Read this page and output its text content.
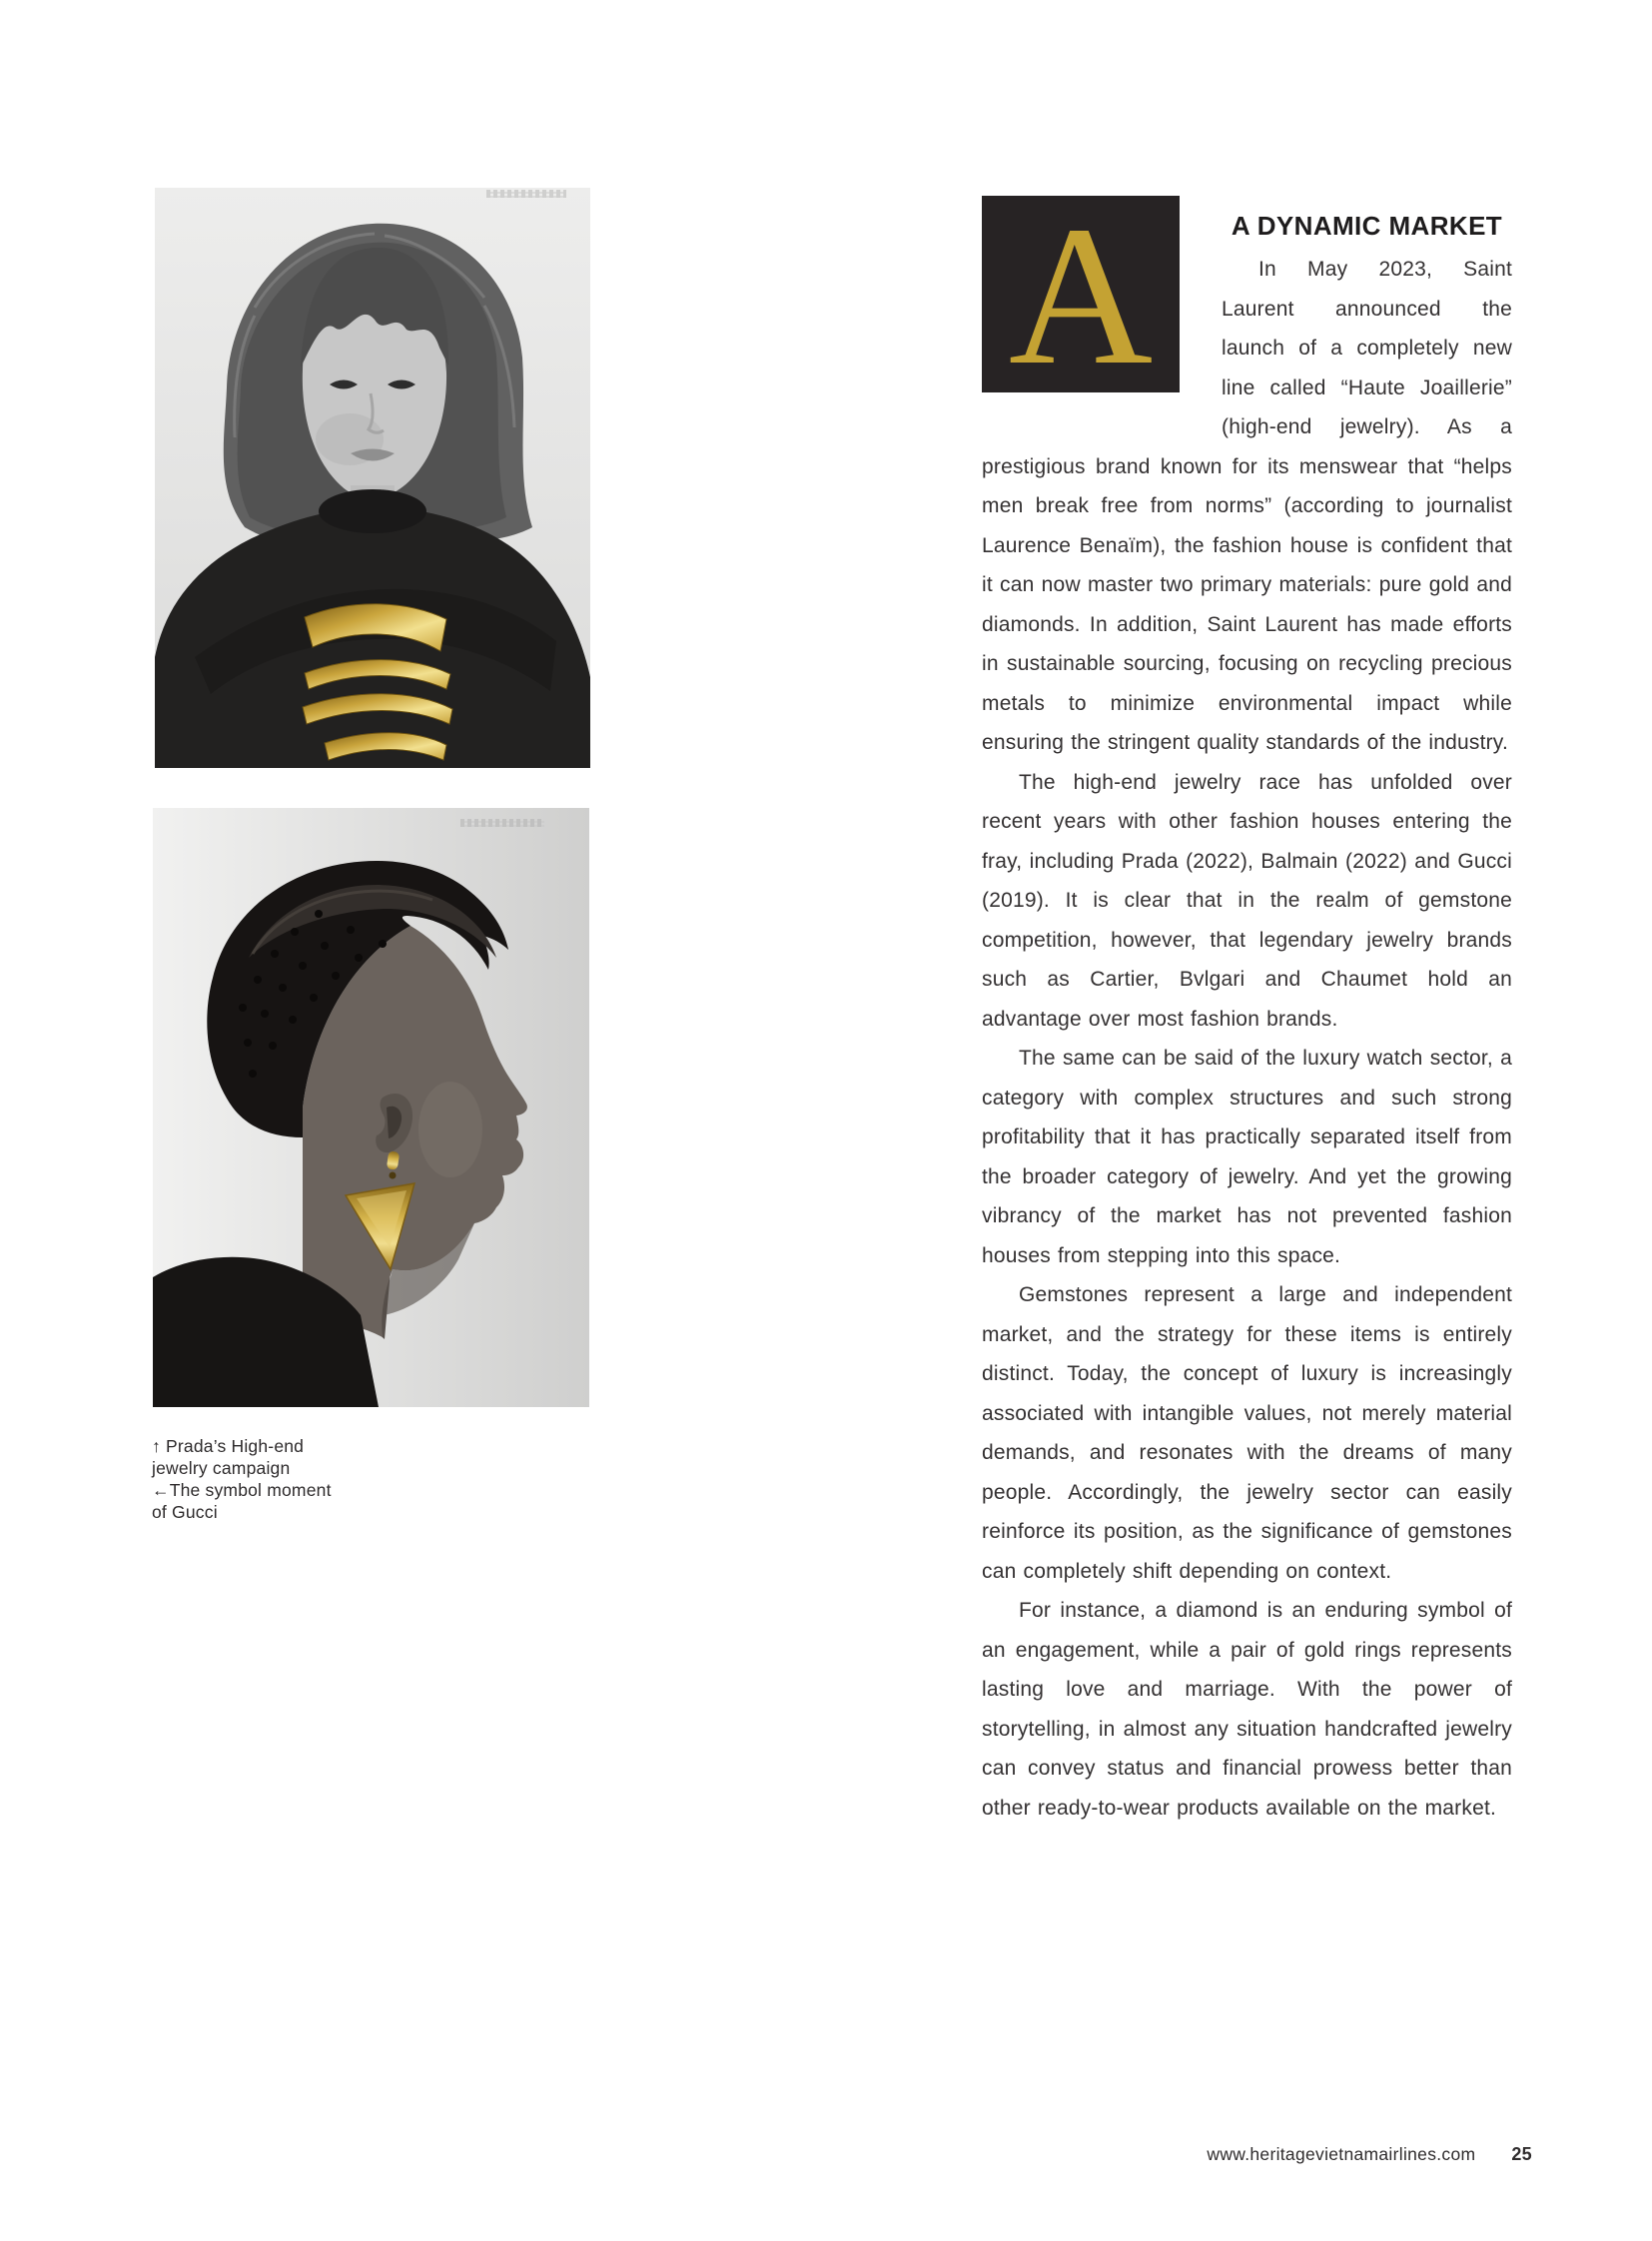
↑ Prada’s High-end
jewelry campaign
←The symbol moment
of Gucci
A	A DYNAMIC MARKET

In May 2023, Saint Laurent announced the launch of a completely new line called “Haute Joaillerie” (high-end jewelry). As a prestigious brand known for its menswear that “helps men break free from norms” (according to journalist Laurence Benaïm), the fashion house is confident that it can now master two primary materials: pure gold and diamonds. In addition, Saint Laurent has made efforts in sustainable sourcing, focusing on recycling precious metals to minimize environmental impact while ensuring the stringent quality standards of the industry.

The high-end jewelry race has unfolded over recent years with other fashion houses entering the fray, including Prada (2022), Balmain (2022) and Gucci (2019). It is clear that in the realm of gemstone competition, however, that legendary jewelry brands such as Cartier, Bvlgari and Chaumet hold an advantage over most fashion brands.

The same can be said of the luxury watch sector, a category with complex structures and such strong profitability that it has practically separated itself from the broader category of jewelry. And yet the growing vibrancy of the market has not prevented fashion houses from stepping into this space.

Gemstones represent a large and independent market, and the strategy for these items is entirely distinct. Today, the concept of luxury is increasingly associated with intangible values, not merely material demands, and resonates with the dreams of many people. Accordingly, the jewelry sector can easily reinforce its position, as the significance of gemstones can completely shift depending on context.

For instance, a diamond is an enduring symbol of an engagement, while a pair of gold rings represents lasting love and marriage. With the power of storytelling, in almost any situation handcrafted jewelry can convey status and financial prowess better than other ready-to-wear products available on the market.

www.heritagevietnamairlines.com 25
